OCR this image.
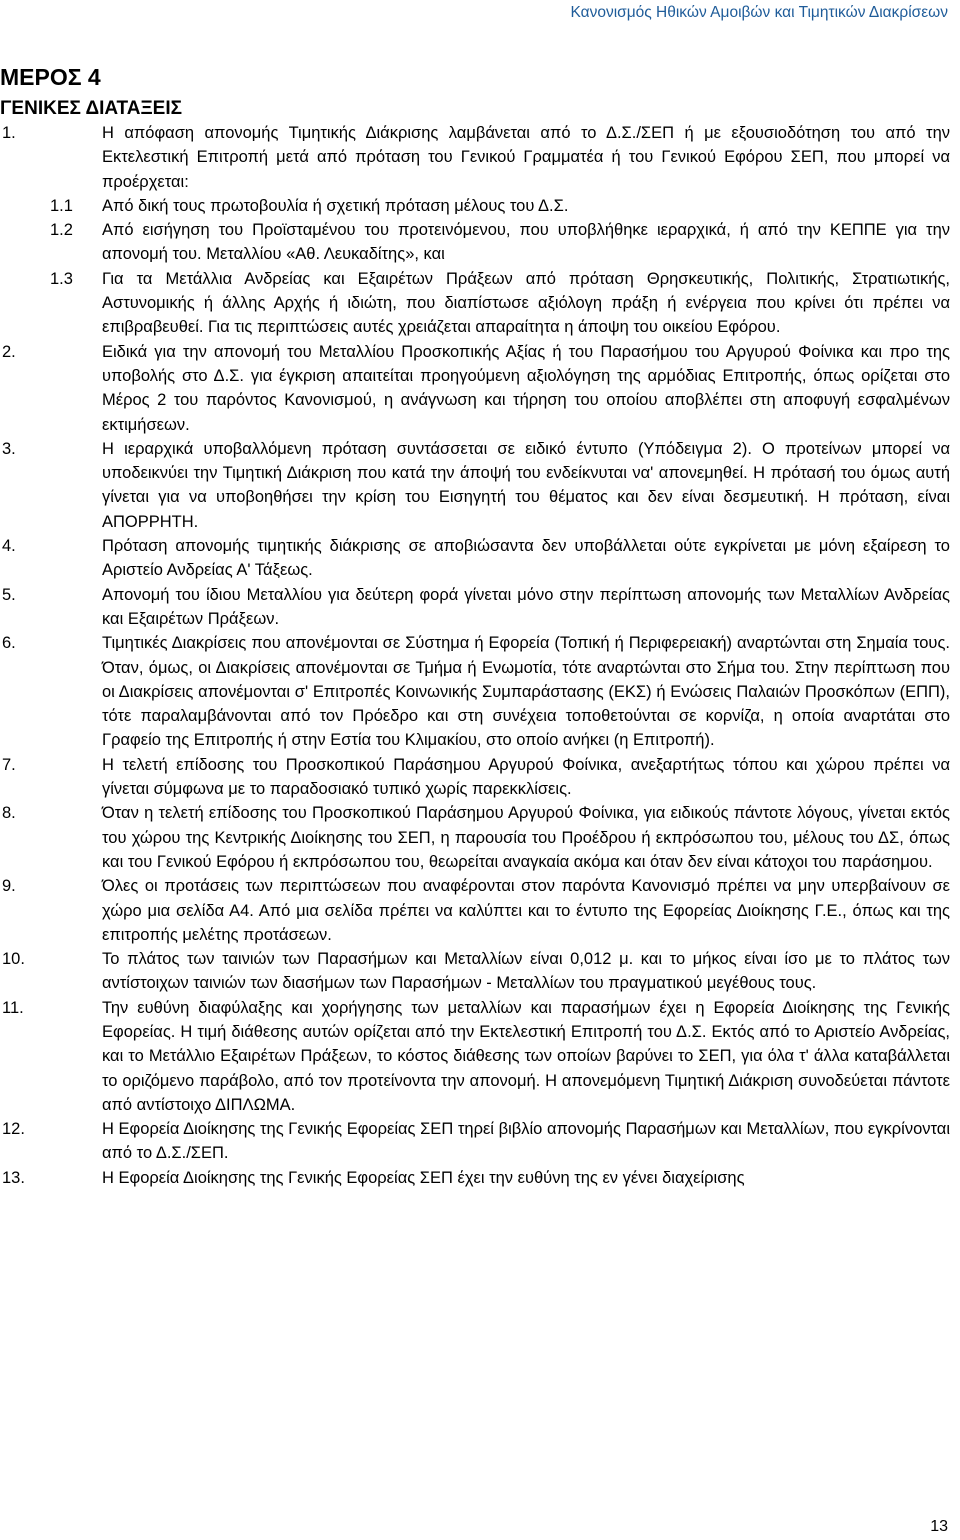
Κανονισμός Ηθικών Αμοιβών και Τιμητικών Διακρίσεων
ΜΕΡΟΣ 4
ΓΕΝΙΚΕΣ ΔΙΑΤΑΞΕΙΣ
1.	Η απόφαση απονομής Τιμητικής Διάκρισης λαμβάνεται από το Δ.Σ./ΣΕΠ ή με εξουσιοδότηση του από την Εκτελεστική Επιτροπή μετά από πρόταση του Γενικού Γραμματέα ή του Γενικού Εφόρου ΣΕΠ, που μπορεί να προέρχεται:
1.1 Από δική τους πρωτοβουλία ή σχετική πρόταση μέλους του Δ.Σ.
1.2 Από εισήγηση του Προϊσταμένου του προτεινόμενου, που υποβλήθηκε ιεραρχικά, ή από την ΚΕΠΠΕ για την απονομή του. Μεταλλίου «Αθ. Λευκαδίτης», και
1.3 Για τα Μετάλλια Ανδρείας και Εξαιρέτων Πράξεων από πρόταση Θρησκευτικής, Πολιτικής, Στρατιωτικής, Αστυνομικής ή άλλης Αρχής ή ιδιώτη, που διαπίστωσε αξιόλογη πράξη ή ενέργεια που κρίνει ότι πρέπει να επιβραβευθεί. Για τις περιπτώσεις αυτές χρειάζεται απαραίτητα η άποψη του οικείου Εφόρου.
2.	Ειδικά για την απονομή του Μεταλλίου Προσκοπικής Αξίας ή του Παρασήμου του Αργυρού Φοίνικα και προ της υποβολής στο Δ.Σ. για έγκριση απαιτείται προηγούμενη αξιολόγηση της αρμόδιας Επιτροπής, όπως ορίζεται στο Μέρος 2 του παρόντος Κανονισμού, η ανάγνωση και τήρηση του οποίου αποβλέπει στη αποφυγή εσφαλμένων εκτιμήσεων.
3.	Η ιεραρχικά υποβαλλόμενη πρόταση συντάσσεται σε ειδικό έντυπο (Υπόδειγμα 2). Ο προτείνων μπορεί να υποδεικνύει την Τιμητική Διάκριση που κατά την άποψή του ενδείκνυται να' απονεμηθεί. Η πρότασή του όμως αυτή γίνεται για να υποβοηθήσει την κρίση του Εισηγητή του θέματος και δεν είναι δεσμευτική. Η πρόταση, είναι ΑΠΟΡΡΗΤΗ.
4.	Πρόταση απονομής τιμητικής διάκρισης σε αποβιώσαντα δεν υποβάλλεται ούτε εγκρίνεται με μόνη εξαίρεση το Αριστείο Ανδρείας Α' Τάξεως.
5.	Απονομή του ίδιου Μεταλλίου για δεύτερη φορά γίνεται μόνο στην περίπτωση απονομής των Μεταλλίων Ανδρείας και Εξαιρέτων Πράξεων.
6.	Τιμητικές Διακρίσεις που απονέμονται σε Σύστημα ή Εφορεία (Τοπική ή Περιφερειακή) αναρτώνται στη Σημαία τους. Όταν, όμως, οι Διακρίσεις απονέμονται σε Τμήμα ή Ενωμοτία, τότε αναρτώνται στο Σήμα του. Στην περίπτωση που οι Διακρίσεις απονέμονται σ' Επιτροπές Κοινωνικής Συμπαράστασης (ΕΚΣ) ή Ενώσεις Παλαιών Προσκόπων (ΕΠΠ), τότε παραλαμβάνονται από τον Πρόεδρο και στη συνέχεια τοποθετούνται σε κορνίζα, η οποία αναρτάται στο Γραφείο της Επιτροπής ή στην Εστία του Κλιμακίου, στο οποίο ανήκει (η Επιτροπή).
7.	Η τελετή επίδοσης του Προσκοπικού Παράσημου Αργυρού Φοίνικα, ανεξαρτήτως τόπου και χώρου πρέπει να γίνεται σύμφωνα με το παραδοσιακό τυπικό χωρίς παρεκκλίσεις.
8.	Όταν η τελετή επίδοσης του Προσκοπικού Παράσημου Αργυρού Φοίνικα, για ειδικούς πάντοτε λόγους, γίνεται εκτός του χώρου της Κεντρικής Διοίκησης του ΣΕΠ, η παρουσία του Προέδρου ή εκπρόσωπου του, μέλους του ΔΣ, όπως και του Γενικού Εφόρου ή εκπρόσωπου του, θεωρείται αναγκαία ακόμα και όταν δεν είναι κάτοχοι του παράσημου.
9.	Όλες οι προτάσεις των περιπτώσεων που αναφέρονται στον παρόντα Κανονισμό πρέπει να μην υπερβαίνουν σε χώρο μια σελίδα Α4. Από μια σελίδα πρέπει να καλύπτει και το έντυπο της Εφορείας Διοίκησης Γ.Ε., όπως και της επιτροπής μελέτης προτάσεων.
10.	Το πλάτος των ταινιών των Παρασήμων και Μεταλλίων είναι 0,012 μ. και το μήκος είναι ίσο με το πλάτος των αντίστοιχων ταινιών των διασήμων των Παρασήμων - Μεταλλίων του πραγματικού μεγέθους τους.
11.	Την ευθύνη διαφύλαξης και χορήγησης των μεταλλίων και παρασήμων έχει η Εφορεία Διοίκησης της Γενικής Εφορείας. Η τιμή διάθεσης αυτών ορίζεται από την Εκτελεστική Επιτροπή του Δ.Σ. Εκτός από το Αριστείο Ανδρείας, και το Μετάλλιο Εξαιρέτων Πράξεων, το κόστος διάθεσης των οποίων βαρύνει το ΣΕΠ, για όλα τ' άλλα καταβάλλεται το οριζόμενο παράβολο, από τον προτείνοντα την απονομή. Η απονεμόμενη Τιμητική Διάκριση συνοδεύεται πάντοτε από αντίστοιχο ΔΙΠΛΩΜΑ.
12.	Η Εφορεία Διοίκησης της Γενικής Εφορείας ΣΕΠ τηρεί βιβλίο απονομής Παρασήμων και Μεταλλίων, που εγκρίνονται από το Δ.Σ./ΣΕΠ.
13.	Η Εφορεία Διοίκησης της Γενικής Εφορείας ΣΕΠ έχει την ευθύνη της εν γένει διαχείρισης
13
